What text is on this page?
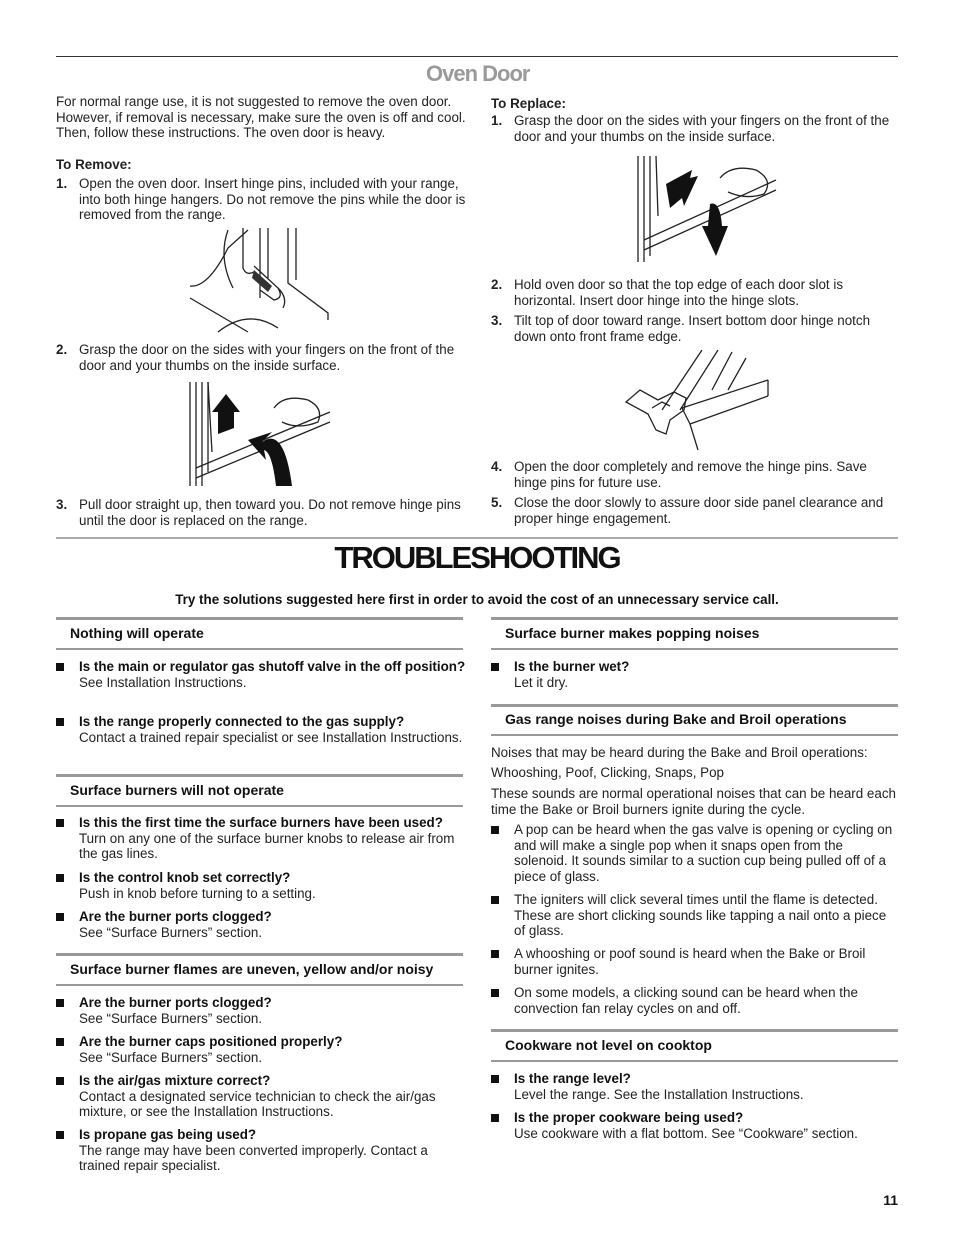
Oven Door
For normal range use, it is not suggested to remove the oven door. However, if removal is necessary, make sure the oven is off and cool. Then, follow these instructions. The oven door is heavy.
To Remove:
1. Open the oven door. Insert hinge pins, included with your range, into both hinge hangers. Do not remove the pins while the door is removed from the range.
2. Grasp the door on the sides with your fingers on the front of the door and your thumbs on the inside surface.
3. Pull door straight up, then toward you. Do not remove hinge pins until the door is replaced on the range.
To Replace:
1. Grasp the door on the sides with your fingers on the front of the door and your thumbs on the inside surface.
2. Hold oven door so that the top edge of each door slot is horizontal. Insert door hinge into the hinge slots.
3. Tilt top of door toward range. Insert bottom door hinge notch down onto front frame edge.
4. Open the door completely and remove the hinge pins. Save hinge pins for future use.
5. Close the door slowly to assure door side panel clearance and proper hinge engagement.
TROUBLESHOOTING
Try the solutions suggested here first in order to avoid the cost of an unnecessary service call.
Nothing will operate
Is the main or regulator gas shutoff valve in the off position?
See Installation Instructions.
Is the range properly connected to the gas supply?
Contact a trained repair specialist or see Installation Instructions.
Surface burners will not operate
Is this the first time the surface burners have been used?
Turn on any one of the surface burner knobs to release air from the gas lines.
Is the control knob set correctly?
Push in knob before turning to a setting.
Are the burner ports clogged?
See “Surface Burners” section.
Surface burner flames are uneven, yellow and/or noisy
Are the burner ports clogged?
See “Surface Burners” section.
Are the burner caps positioned properly?
See “Surface Burners” section.
Is the air/gas mixture correct?
Contact a designated service technician to check the air/gas mixture, or see the Installation Instructions.
Is propane gas being used?
The range may have been converted improperly. Contact a trained repair specialist.
Surface burner makes popping noises
Is the burner wet?
Let it dry.
Gas range noises during Bake and Broil operations
Noises that may be heard during the Bake and Broil operations:
Whooshing, Poof, Clicking, Snaps, Pop
These sounds are normal operational noises that can be heard each time the Bake or Broil burners ignite during the cycle.
A pop can be heard when the gas valve is opening or cycling on and will make a single pop when it snaps open from the solenoid. It sounds similar to a suction cup being pulled off of a piece of glass.
The igniters will click several times until the flame is detected. These are short clicking sounds like tapping a nail onto a piece of glass.
A whooshing or poof sound is heard when the Bake or Broil burner ignites.
On some models, a clicking sound can be heard when the convection fan relay cycles on and off.
Cookware not level on cooktop
Is the range level?
Level the range. See the Installation Instructions.
Is the proper cookware being used?
Use cookware with a flat bottom. See “Cookware” section.
11
